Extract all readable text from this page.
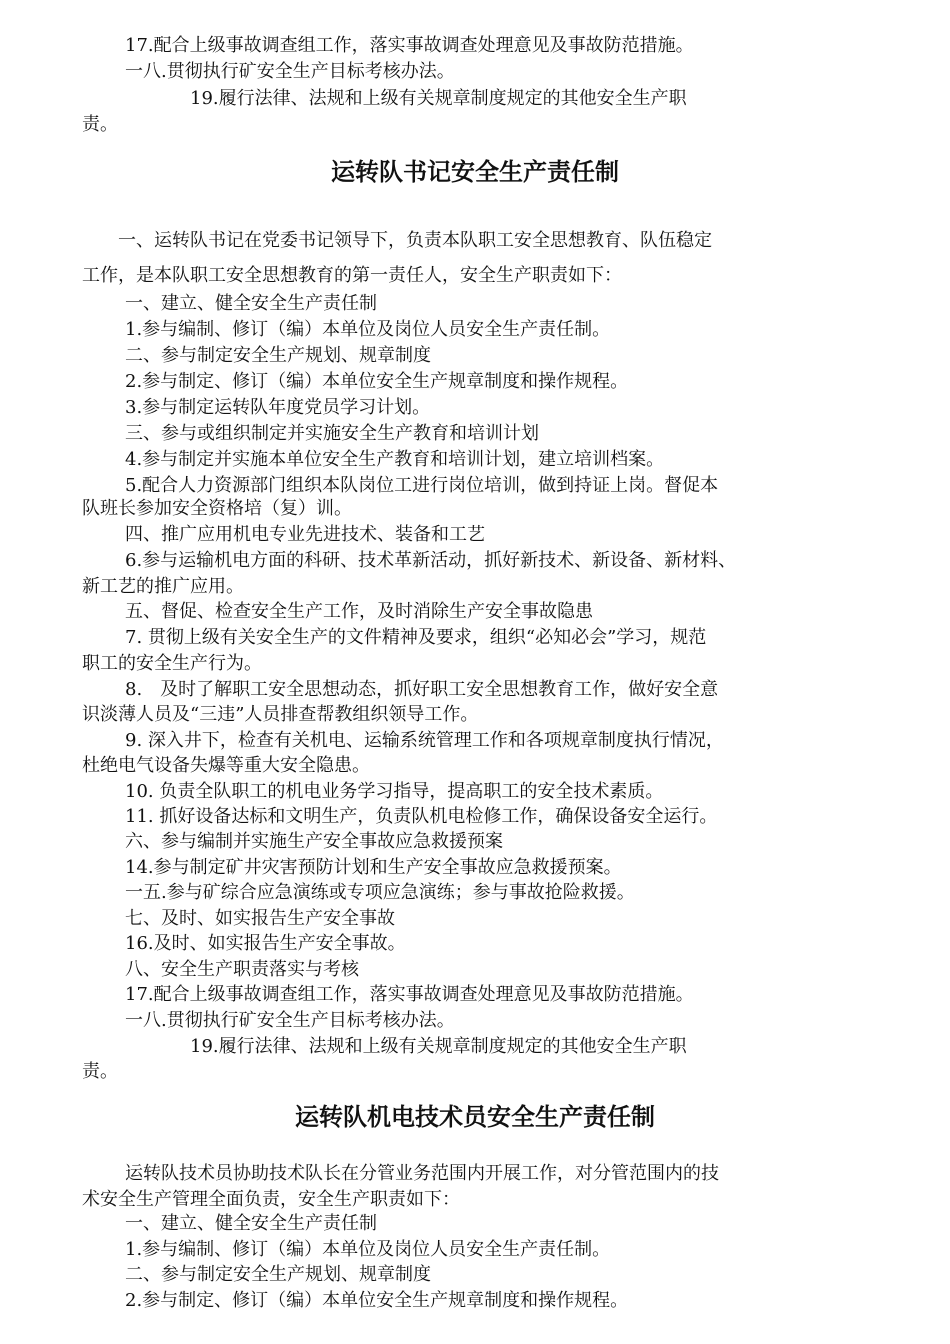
17.配合上级事故调查组工作，落实事故调查处理意见及事故防范措施。
一八.贯彻执行矿安全生产目标考核办法。
19.履行法律、法规和上级有关规章制度规定的其他安全生产职
责。
运转队书记安全生产责任制
一、运转队书记在党委书记领导下，负责本队职工安全思想教育、队伍稳定
工作，是本队职工安全思想教育的第一责任人，安全生产职责如下：
一、建立、健全安全生产责任制
1.参与编制、修订（编）本单位及岗位人员安全生产责任制。
二、参与制定安全生产规划、规章制度
2.参与制定、修订（编）本单位安全生产规章制度和操作规程。
3.参与制定运转队年度党员学习计划。
三、参与或组织制定并实施安全生产教育和培训计划
4.参与制定并实施本单位安全生产教育和培训计划，建立培训档案。
5.配合人力资源部门组织本队岗位工进行岗位培训，做到持证上岗。督促本
队班长参加安全资格培（复）训。
四、推广应用机电专业先进技术、装备和工艺
6.参与运输机电方面的科研、技术革新活动，抓好新技术、新设备、新材料、
新工艺的推广应用。
五、督促、检查安全生产工作，及时消除生产安全事故隐患
7. 贯彻上级有关安全生产的文件精神及要求，组织“必知必会”学习，规范
职工的安全生产行为。
8.　及时了解职工安全思想动态，抓好职工安全思想教育工作，做好安全意
识淡薄人员及“三违”人员排查帮教组织领导工作。
9. 深入井下，检查有关机电、运输系统管理工作和各项规章制度执行情况，
杜绝电气设备失爆等重大安全隐患。
10. 负责全队职工的机电业务学习指导，提高职工的安全技术素质。
11. 抓好设备达标和文明生产，负责队机电检修工作，确保设备安全运行。
六、参与编制并实施生产安全事故应急救援预案
14.参与制定矿井灾害预防计划和生产安全事故应急救援预案。
一五.参与矿综合应急演练或专项应急演练；参与事故抢险救援。
七、及时、如实报告生产安全事故
16.及时、如实报告生产安全事故。
八、安全生产职责落实与考核
17.配合上级事故调查组工作，落实事故调查处理意见及事故防范措施。
一八.贯彻执行矿安全生产目标考核办法。
19.履行法律、法规和上级有关规章制度规定的其他安全生产职
责。
运转队机电技术员安全生产责任制
运转队技术员协助技术队长在分管业务范围内开展工作，对分管范围内的技
术安全生产管理全面负责，安全生产职责如下：
一、建立、健全安全生产责任制
1.参与编制、修订（编）本单位及岗位人员安全生产责任制。
二、参与制定安全生产规划、规章制度
2.参与制定、修订（编）本单位安全生产规章制度和操作规程。
